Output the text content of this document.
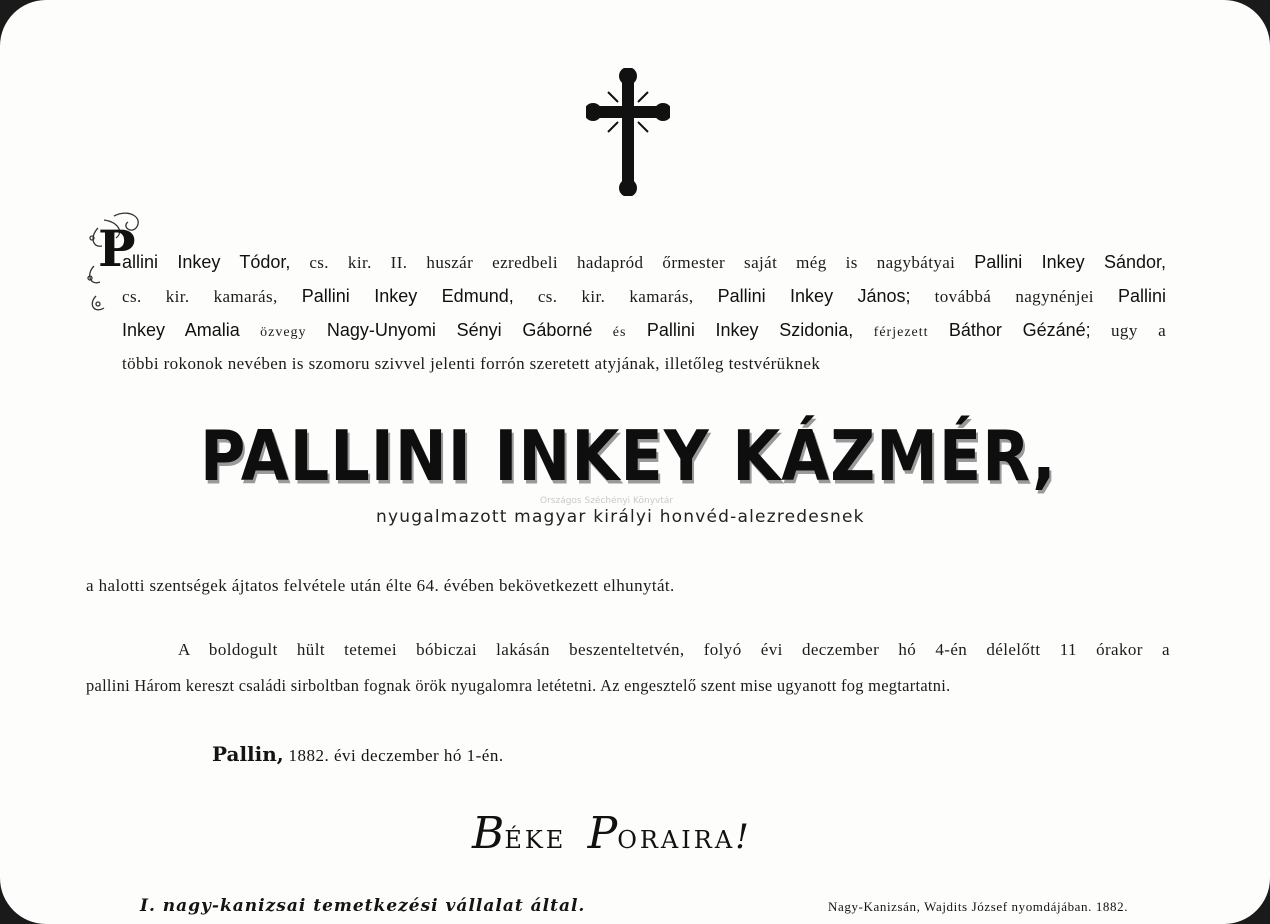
P
allini Inkey Tódor, cs. kir. II. huszár ezredbeli hadapród őrmester saját még is nagybátyai Pallini Inkey Sándor,
cs. kir. kamarás, Pallini Inkey Edmund, cs. kir. kamarás, Pallini Inkey János; továbbá nagynénjei Pallini
Inkey Amalia özvegy Nagy-Unyomi Sényi Gáborné és Pallini Inkey Szidonia, férjezett Báthor Gézáné; ugy a
többi rokonok nevében is szomoru szivvel jelenti forrón szeretett atyjának, illetőleg testvérüknek
PALLINI INKEY KÁZMÉR,
Országos Széchényi Könyvtár
nyugalmazott magyar királyi honvéd-alezredesnek
a halotti szentségek ájtatos felvétele után élte 64. évében bekövetkezett elhunytát.
A boldogult hült tetemei bóbiczai lakásán beszenteltetvén, folyó évi deczember hó 4-én délelőtt 11 órakor a
pallini Három kereszt családi sirboltban fognak örök nyugalomra letétetni. Az engesztelő szent mise ugyanott fog megtartatni.
Pallin, 1882. évi deczember hó 1-én.
BÉKE PORAIRA!
I. nagy-kanizsai temetkezési vállalat által.	Nagy-Kanizsán, Wajdits József nyomdájában. 1882.
